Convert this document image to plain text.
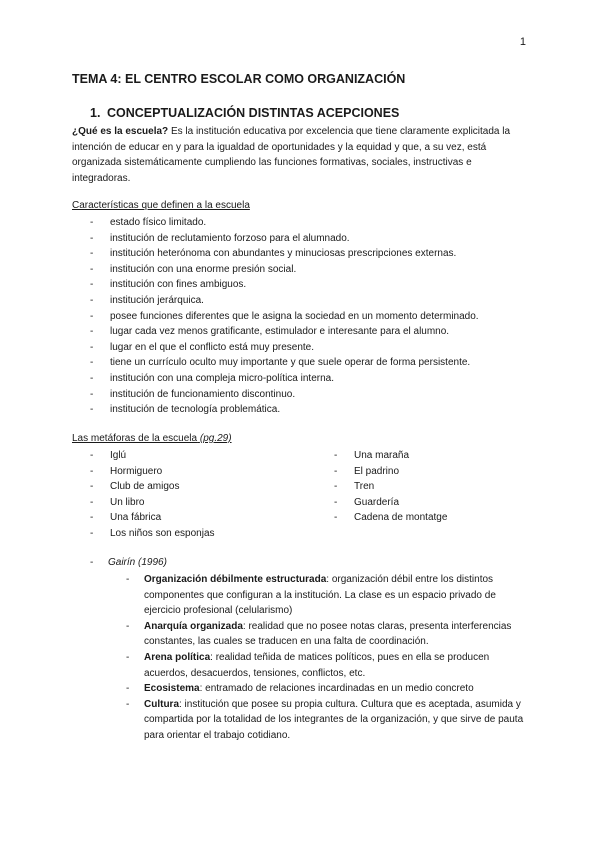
1
TEMA 4: EL CENTRO ESCOLAR COMO ORGANIZACIÓN
1. CONCEPTUALIZACIÓN DISTINTAS ACEPCIONES
¿Qué es la escuela? Es la institución educativa por excelencia que tiene claramente explicitada la intención de educar en y para la igualdad de oportunidades y la equidad y que, a su vez, está organizada sistemáticamente cumpliendo las funciones formativas, sociales, instructivas e integradoras.
Características que definen a la escuela
- estado físico limitado.
- institución de reclutamiento forzoso para el alumnado.
- institución heterónoma con abundantes y minuciosas prescripciones externas.
- institución con una enorme presión social.
- institución con fines ambiguos.
- institución jerárquica.
- posee funciones diferentes que le asigna la sociedad en un momento determinado.
- lugar cada vez menos gratificante, estimulador e interesante para el alumno.
- lugar en el que el conflicto está muy presente.
- tiene un currículo oculto muy importante y que suele operar de forma persistente.
- institución con una compleja micro-política interna.
- institución de funcionamiento discontinuo.
- institución de tecnología problemática.
Las metáforas de la escuela (pg.29)
- Iglú
- Hormiguero
- Club de amigos
- Un libro
- Una fábrica
- Los niños son esponjas
- Una maraña
- El padrino
- Tren
- Guardería
- Cadena de montatge
- Gairín (1996)
- Organización débilmente estructurada: organización débil entre los distintos componentes que configuran a la institución. La clase es un espacio privado de ejercicio profesional (celularismo)
- Anarquía organizada: realidad que no posee notas claras, presenta interferencias constantes, las cuales se traducen en una falta de coordinación.
- Arena política: realidad teñida de matices políticos, pues en ella se producen acuerdos, desacuerdos, tensiones, conflictos, etc.
- Ecosistema: entramado de relaciones incardinadas en un medio concreto
- Cultura: institución que posee su propia cultura. Cultura que es aceptada, asumida y compartida por la totalidad de los integrantes de la organización, y que sirve de pauta para orientar el trabajo cotidiano.
